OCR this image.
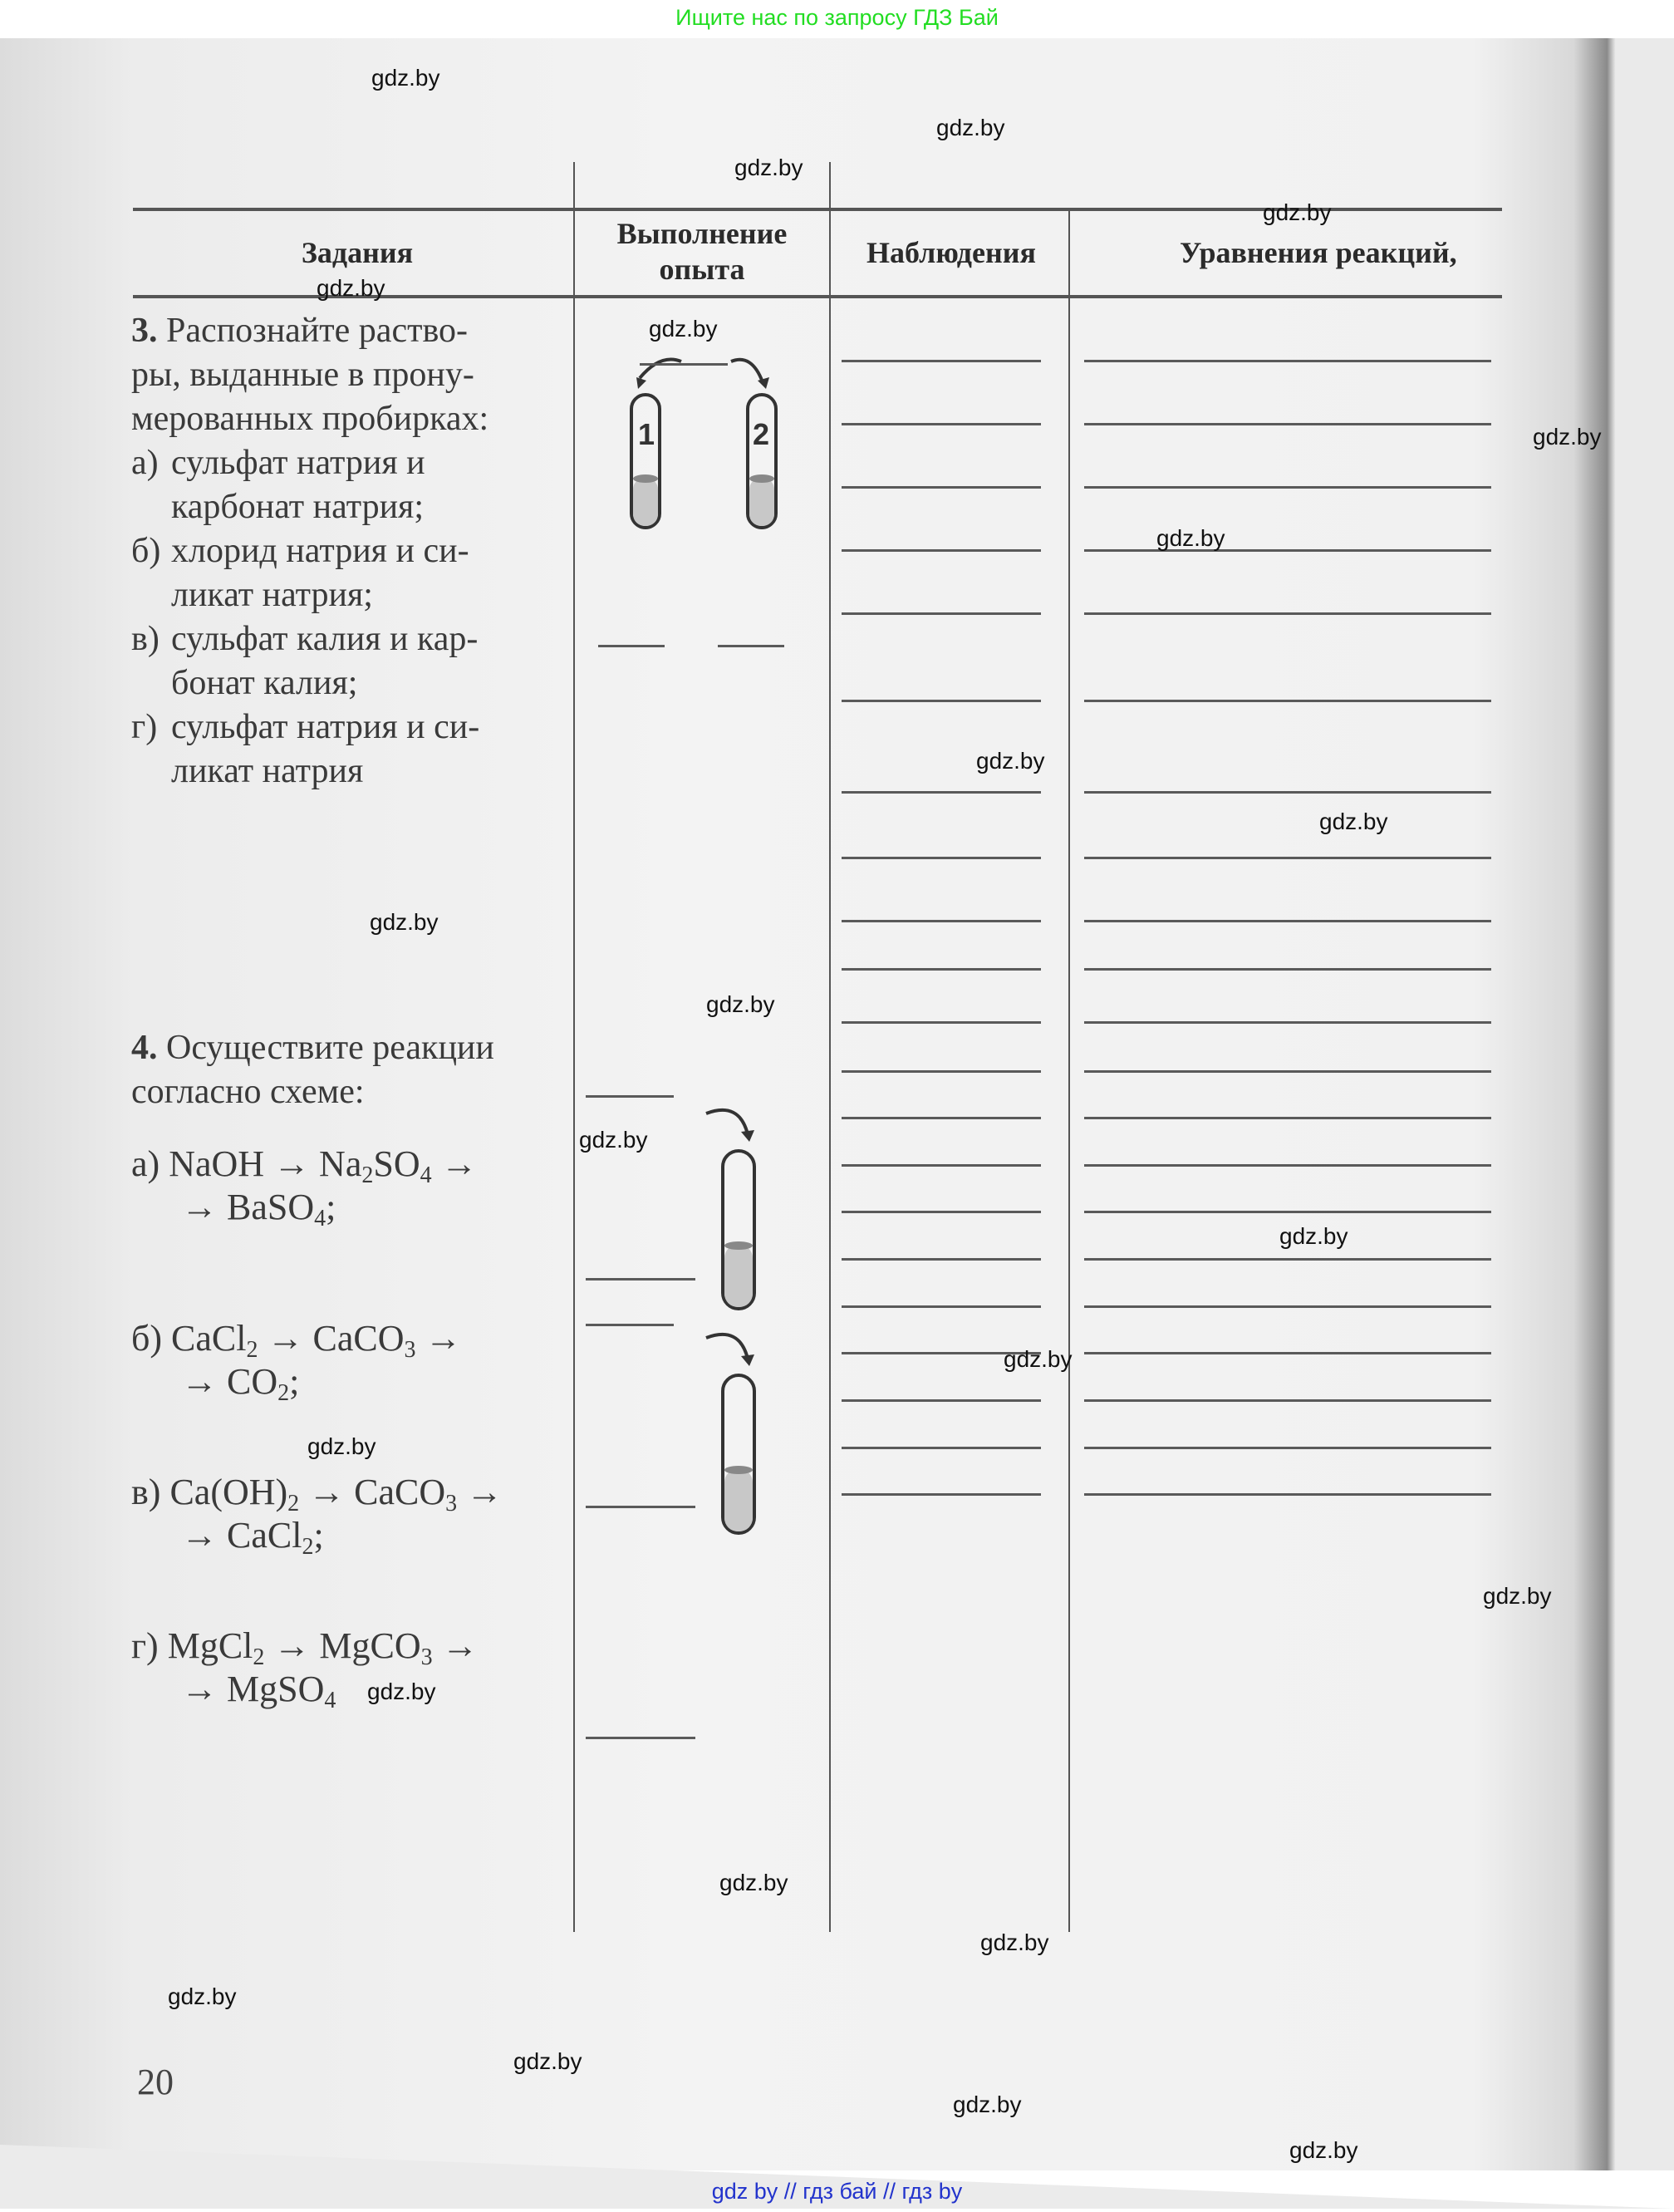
Ищите нас по запросу ГДЗ Бай
Задания
Выполнение опыта
Наблюдения	Уравнения реакций,
3. Распознайте раство-
ры, выданные в прону-
мерованных пробирках:
а) сульфат натрия и
карбонат натрия;
б) хлорид натрия и си-
ликат натрия;
в) сульфат калия и кар-
бонат калия;
г) сульфат натрия и си-
ликат натрия
1	2
4. Осуществите реакции
согласно схеме:
а) NaOH → $Na_2SO_4$ →
→ BaSO$_4$;
б) CaCl$_2$ → CaCO$_3$ →
→ $CO_2$;
в) $Ca(OH)_2$ → CaCO$_3$ →
→ CaCl$_2$;
г) MgCl$_2$ → MgCO$_3$ →
→ MgSO$_4$
20
gdz.by
gdz.by
gdz.by
gdz.by
gdz.by
gdz.by
gdz.by
gdz.by
gdz.by
gdz.by
gdz.by
gdz.by
gdz.by
gdz.by
gdz.by
gdz.by
gdz.by
gdz.by
gdz.by
gdz.by
gdz.by
gdz.by
gdz.by
gdz.by
gdz by // гдз бай // гдз by
